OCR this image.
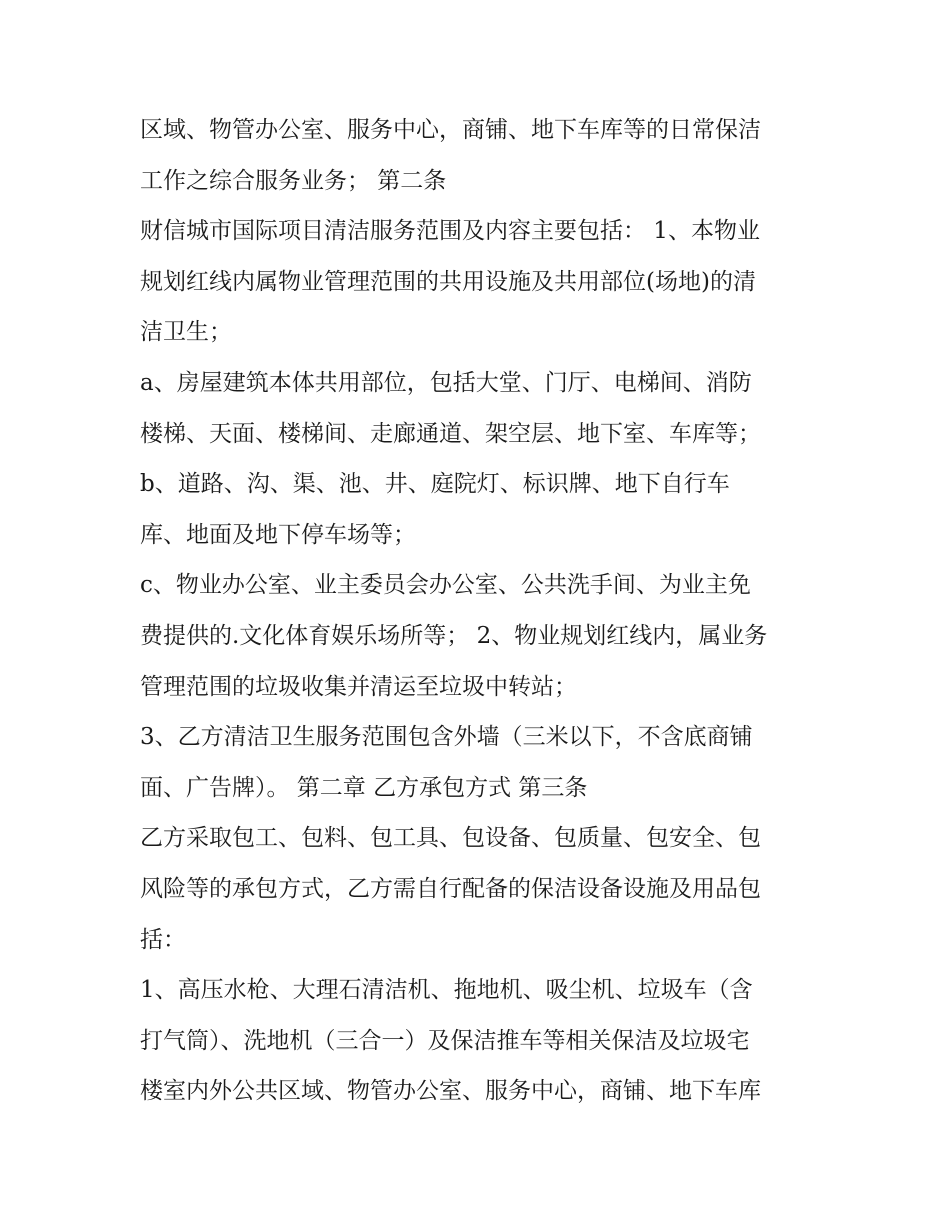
区域、物管办公室、服务中心，商铺、地下车库等的日常保洁
工作之综合服务业务； 第二条
财信城市国际项目清洁服务范围及内容主要包括： 1、本物业
规划红线内属物业管理范围的共用设施及共用部位(场地)的清
洁卫生；
a、房屋建筑本体共用部位，包括大堂、门厅、电梯间、消防
楼梯、天面、楼梯间、走廊通道、架空层、地下室、车库等；
b、道路、沟、渠、池、井、庭院灯、标识牌、地下自行车
库、地面及地下停车场等；
c、物业办公室、业主委员会办公室、公共洗手间、为业主免
费提供的.文化体育娱乐场所等； 2、物业规划红线内，属业务
管理范围的垃圾收集并清运至垃圾中转站；
3、乙方清洁卫生服务范围包含外墙（三米以下，不含底商铺
面、广告牌）。 第二章 乙方承包方式 第三条
乙方采取包工、包料、包工具、包设备、包质量、包安全、包
风险等的承包方式，乙方需自行配备的保洁设备设施及用品包
括：
1、高压水枪、大理石清洁机、拖地机、吸尘机、垃圾车（含
打气筒）、洗地机（三合一）及保洁推车等相关保洁及垃圾宅
楼室内外公共区域、物管办公室、服务中心，商铺、地下车库
